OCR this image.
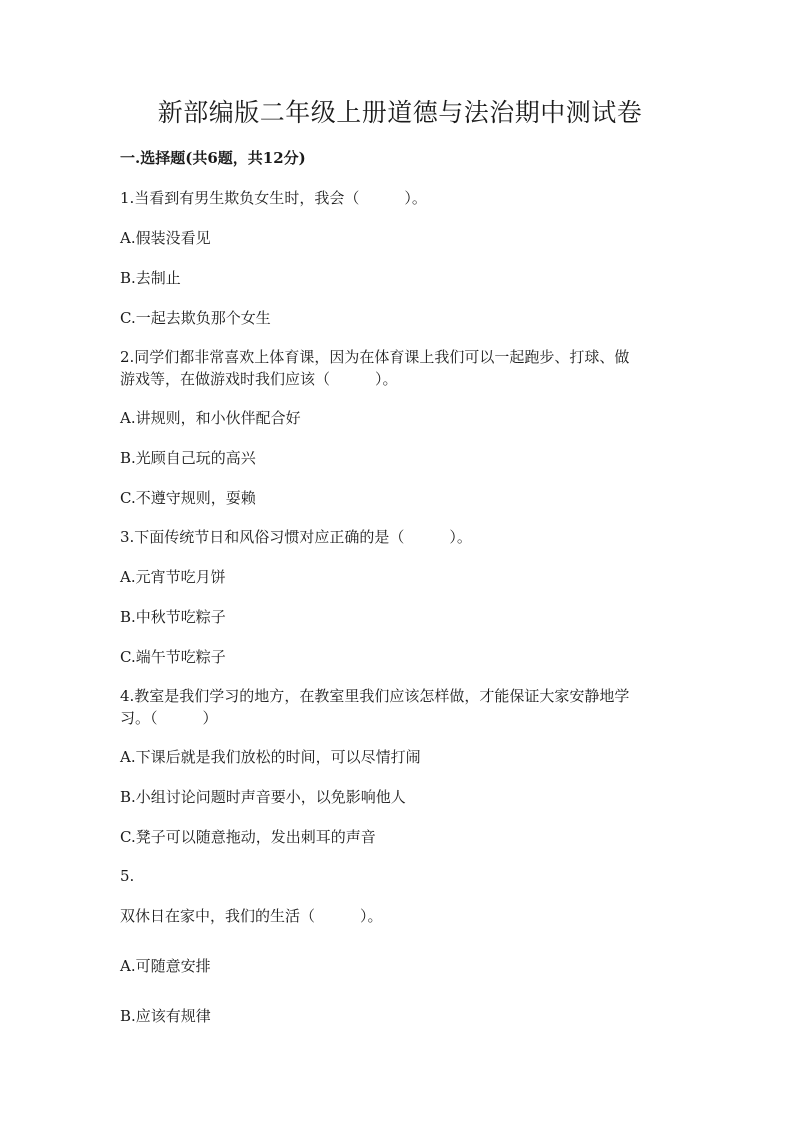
新部编版二年级上册道德与法治期中测试卷
一.选择题(共6题，共12分)
1.当看到有男生欺负女生时，我会（　　　）。
A.假装没看见
B.去制止
C.一起去欺负那个女生
2.同学们都非常喜欢上体育课，因为在体育课上我们可以一起跑步、打球、做
游戏等，在做游戏时我们应该（　　　）。
A.讲规则，和小伙伴配合好
B.光顾自己玩的高兴
C.不遵守规则，耍赖
3.下面传统节日和风俗习惯对应正确的是（　　　）。
A.元宵节吃月饼
B.中秋节吃粽子
C.端午节吃粽子
4.教室是我们学习的地方，在教室里我们应该怎样做，才能保证大家安静地学
习。（　　　）
A.下课后就是我们放松的时间，可以尽情打闹
B.小组讨论问题时声音要小，以免影响他人
C.凳子可以随意拖动，发出刺耳的声音
5.
双休日在家中，我们的生活（　　　）。
A.可随意安排
B.应该有规律
